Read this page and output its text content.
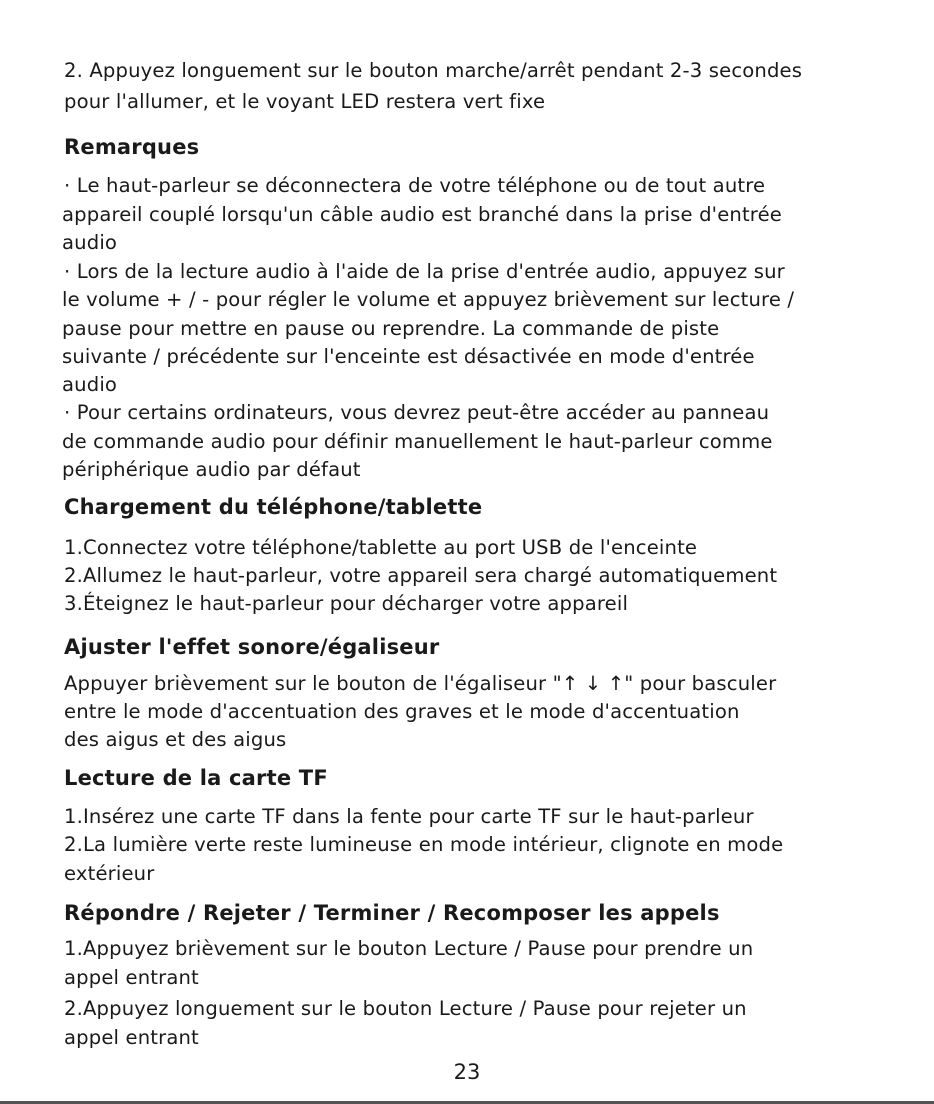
2. Appuyez longuement sur le bouton marche/arrêt pendant 2-3 secondes
pour l'allumer, et le voyant LED restera vert fixe
Remarques
· Le haut-parleur se déconnectera de votre téléphone ou de tout autre
appareil couplé lorsqu'un câble audio est branché dans la prise d'entrée
audio
· Lors de la lecture audio à l'aide de la prise d'entrée audio, appuyez sur
le volume + / - pour régler le volume et appuyez brièvement sur lecture /
pause pour mettre en pause ou reprendre. La commande de piste
suivante / précédente sur l'enceinte est désactivée en mode d'entrée
audio
· Pour certains ordinateurs, vous devrez peut-être accéder au panneau
de commande audio pour définir manuellement le haut-parleur comme
périphérique audio par défaut
Chargement du téléphone/tablette
1.Connectez votre téléphone/tablette au port USB de l'enceinte
2.Allumez le haut-parleur, votre appareil sera chargé automatiquement
3.Éteignez le haut-parleur pour décharger votre appareil
Ajuster l'effet sonore/égaliseur
Appuyer brièvement sur le bouton de l'égaliseur "↑ ↓ ↑" pour basculer
entre le mode d'accentuation des graves et le mode d'accentuation
des aigus et des aigus
Lecture de la carte TF
1.Insérez une carte TF dans la fente pour carte TF sur le haut-parleur
2.La lumière verte reste lumineuse en mode intérieur, clignote en mode
extérieur
Répondre / Rejeter / Terminer / Recomposer les appels
1.Appuyez brièvement sur le bouton Lecture / Pause pour prendre un
appel entrant
2.Appuyez longuement sur le bouton Lecture / Pause pour rejeter un
appel entrant
23
